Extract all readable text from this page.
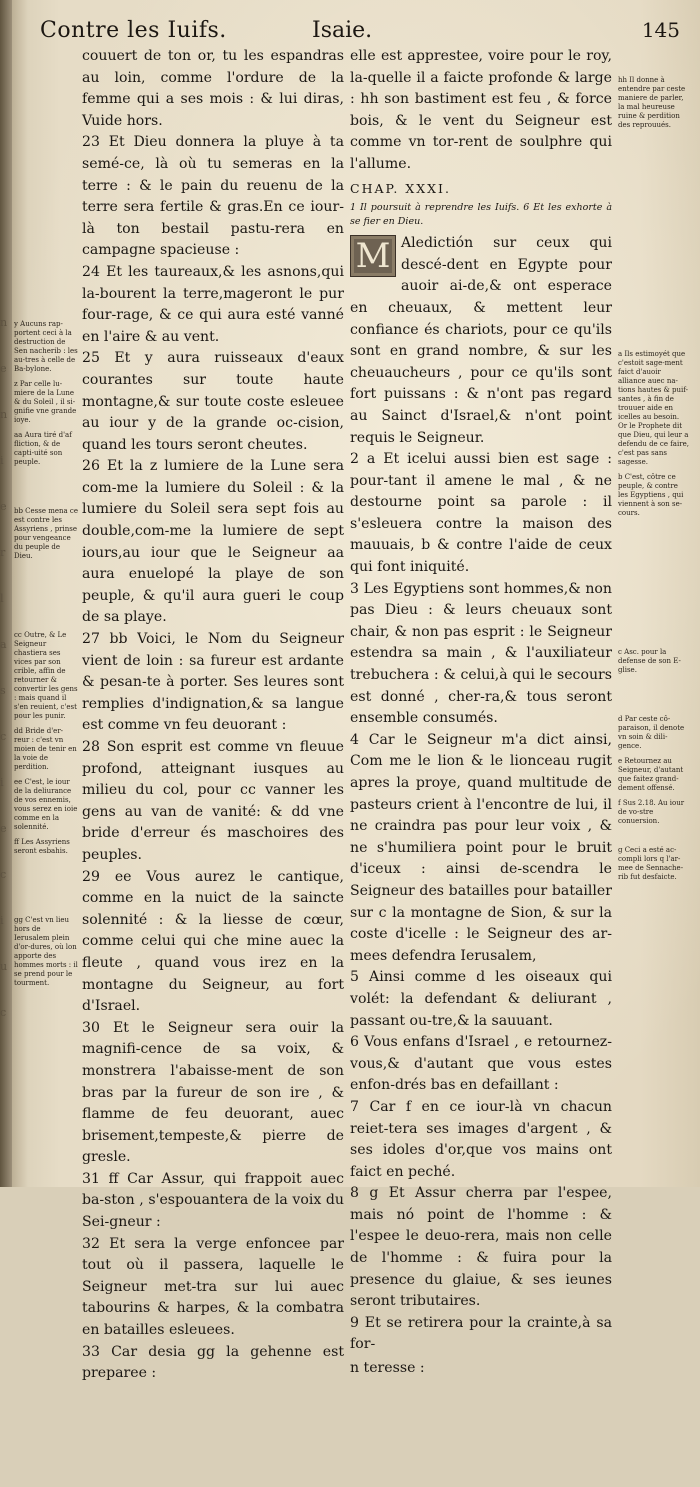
n
e
n
i
e
r
l
a
s
c
i
e
c
i
u
c
Contre les Iuifs.	Isaie.	145

y Aucuns rap-portent ceci à la destruction de Sen nacherib : les au-tres à celle de Ba-bylone.

z Par celle lu-miere de la Lune & du Soleil , il si-gnifie vne grande ioye.

aa Aura tiré d'af fliction, & de capti-uité son peuple.

bb Cesse mena ce est contre les Assyriens , prinse pour vengeance du peuple de Dieu.

cc Outre, & Le Seigneur chastiera ses vices par son crible, affin de retourner & convertir les gens : mais quand il s'en reuient, c'est pour les punir.

dd Bride d'er-reur : c'est vn moien de tenir en la voie de perdition.

ee C'est, le iour de la deliurance de vos ennemis, vous serez en ioie comme en la solennité.

ff Les Assyriens seront esbahis.

gg C'est vn lieu hors de Ierusalem plein d'or-dures, où lon apporte des hommes morts : il se prend pour le tourment.

couuert de ton or, tu les espandras au loin, comme l'ordure de la femme qui a ses mois : & lui diras, Vuide hors.

23 Et Dieu donnera la pluye à ta semé-ce, là où tu semeras en la terre : & le pain du reuenu de la terre sera fertile & gras.En ce iour-là ton bestail pastu-rera en campagne spacieuse :

24 Et les taureaux,& les asnons,qui la-bourent la terre,mageront le pur four-rage, & ce qui aura esté vanné en l'aire & au vent.

25 Et y aura ruisseaux d'eaux courantes sur toute haute montagne,& sur toute coste esleuee au iour y de la grande oc-cision, quand les tours seront cheutes.

26 Et la z lumiere de la Lune sera com-me la lumiere du Soleil : & la lumiere du Soleil sera sept fois au double,com-me la lumiere de sept iours,au iour que le Seigneur aa aura enuelopé la playe de son peuple, & qu'il aura gueri le coup de sa playe.

27 bb Voici, le Nom du Seigneur vient de loin : sa fureur est ardante & pesan-te à porter. Ses leures sont remplies d'indignation,& sa langue est comme vn feu deuorant :

28 Son esprit est comme vn fleuue profond, atteignant iusques au milieu du col, pour cc vanner les gens au van de vanité: & dd vne bride d'erreur és maschoires des peuples.

29 ee Vous aurez le cantique, comme en la nuict de la saincte solennité : & la liesse de cœur, comme celui qui che mine auec la fleute , quand vous irez en la montagne du Seigneur, au fort d'Israel.

30 Et le Seigneur sera ouir la magnifi-cence de sa voix, & monstrera l'abaisse-ment de son bras par la fureur de son ire , & flamme de feu deuorant, auec brisement,tempeste,& pierre de gresle.

31 ff Car Assur, qui frappoit auec ba-ston , s'espouantera de la voix du Sei-gneur :

32 Et sera la verge enfoncee par tout où il passera, laquelle le Seigneur met-tra sur lui auec tabourins & harpes, & la combatra en batailles esleuees.

33 Car desia gg la gehenne est preparee :

elle est apprestee, voire pour le roy, la-quelle il a faicte profonde & large : hh son bastiment est feu , & force bois, & le vent du Seigneur est comme vn tor-rent de soulphre qui l'allume.

CHAP. XXXI.

1 Il poursuit à reprendre les Iuifs. 6 Et les exhorte à se fier en Dieu.

M Aledictión sur ceux qui descé-dent en Egypte pour auoir ai-de,& ont esperace en cheuaux, & mettent leur confiance és chariots, pour ce qu'ils sont en grand nombre, & sur les cheuaucheurs , pour ce qu'ils sont fort puissans : & n'ont pas regard au Sainct d'Israel,& n'ont point requis le Seigneur.

2 a Et icelui aussi bien est sage : pour-tant il amene le mal , & ne destourne point sa parole : il s'esleuera contre la maison des mauuais, b & contre l'aide de ceux qui font iniquité.

3 Les Egyptiens sont hommes,& non pas Dieu : & leurs cheuaux sont chair, & non pas esprit : le Seigneur estendra sa main , & l'auxiliateur trebuchera : & celui,à qui le secours est donné , cher-ra,& tous seront ensemble consumés.

4 Car le Seigneur m'a dict ainsi, Com me le lion & le lionceau rugit apres la proye, quand multitude de pasteurs crient à l'encontre de lui, il ne craindra pas pour leur voix , & ne s'humiliera point pour le bruit d'iceux : ainsi de-scendra le Seigneur des batailles pour batailler sur c la montagne de Sion, & sur la coste d'icelle : le Seigneur des ar-mees defendra Ierusalem,

5 Ainsi comme d les oiseaux qui volét: la defendant & deliurant , passant ou-tre,& la sauuant.

6 Vous enfans d'Israel , e retournez-vous,& d'autant que vous estes enfon-drés bas en defaillant :

7 Car f en ce iour-là vn chacun reiet-tera ses images d'argent , & ses idoles d'or,que vos mains ont faict en peché.

8 g Et Assur cherra par l'espee, mais nó point de l'homme : & l'espee le deuo-rera, mais non celle de l'homme : & fuira pour la presence du glaiue, & ses ieunes seront tributaires.

9 Et se retirera pour la crainte,à sa for-

n teresse :

hh Il donne à entendre par ceste maniere de parler, la mal heureuse ruine & perdition des reprouués.

a Ils estimoyét que c'estoit sage-ment faict d'auoir alliance auec na-tions hautes & puif-santes , à fin de trouuer aide en icelles au besoin. Or le Prophete dit que Dieu, qui leur a defendu de ce faire, c'est pas sans sagesse.

b C'est, côtre ce peuple, & contre les Egyptiens , qui viennent à son se-cours.

c Asc. pour la defense de son E-glise.

d Par ceste cô-paraison, il denote vn soin & dili-gence.

e Retournez au Seigneur, d'autant que faitez grand-dement offensé.

f Sus 2.18. Au iour de vo-stre conuersion.

g Ceci a esté ac-compli lors q l'ar-mee de Sennache-rib fut desfaicte.
